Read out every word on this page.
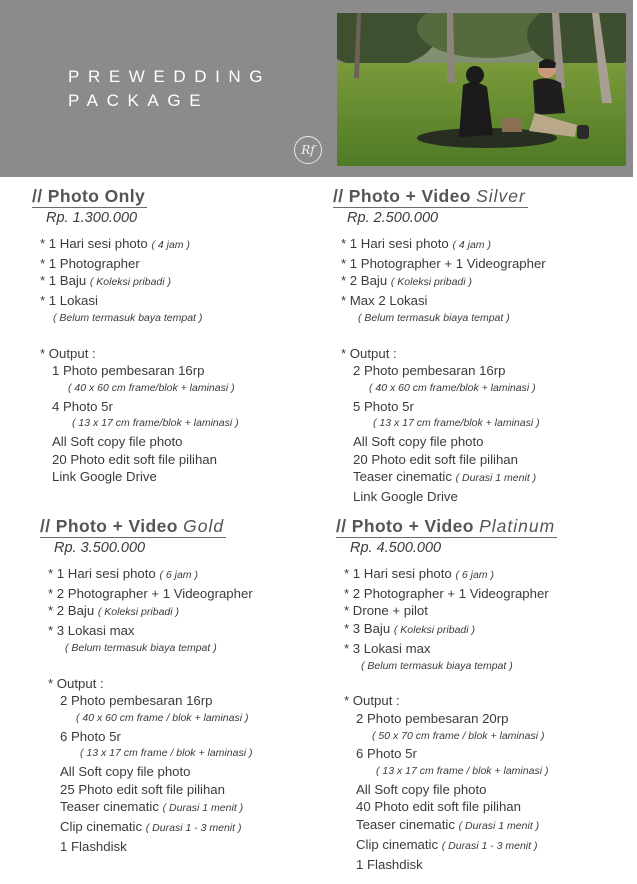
PREWEDDING
PACKAGE
Rf
// Photo Only
Rp. 1.300.000
* 1 Hari sesi photo ( 4 jam )
* 1 Photographer
* 1 Baju ( Koleksi pribadi )
* 1 Lokasi
( Belum termasuk baya tempat )
* Output :
1 Photo pembesaran 16rp
( 40 x 60 cm frame/blok + laminasi )
4 Photo 5r
( 13 x 17 cm frame/blok + laminasi )
All Soft copy file photo
20 Photo edit soft file pilihan
Link Google Drive
// Photo + Video Silver
Rp. 2.500.000
* 1 Hari sesi photo ( 4 jam )
* 1 Photographer + 1 Videographer
* 2 Baju ( Koleksi pribadi )
* Max 2 Lokasi
( Belum termasuk biaya tempat )
* Output :
2 Photo pembesaran 16rp
( 40 x 60 cm frame/blok + laminasi )
5 Photo 5r
( 13 x 17 cm frame/blok + laminasi )
All Soft copy file photo
20 Photo edit soft file pilihan
Teaser cinematic ( Durasi 1 menit )
Link Google Drive
// Photo + Video Gold
Rp. 3.500.000
* 1 Hari sesi photo ( 6 jam )
* 2 Photographer + 1 Videographer
* 2 Baju ( Koleksi pribadi )
* 3 Lokasi max
( Belum termasuk biaya tempat )
* Output :
2 Photo pembesaran 16rp
( 40 x 60 cm frame / blok + laminasi )
6 Photo 5r
( 13 x 17 cm frame / blok + laminasi )
All Soft copy file photo
25 Photo edit soft file pilihan
Teaser cinematic ( Durasi 1 menit )
Clip cinematic ( Durasi 1 - 3 menit )
1 Flashdisk
// Photo + Video Platinum
Rp. 4.500.000
* 1 Hari sesi photo ( 6 jam )
* 2 Photographer + 1 Videographer
* Drone + pilot
* 3 Baju ( Koleksi pribadi )
* 3 Lokasi max
( Belum termasuk biaya tempat )
* Output :
2 Photo pembesaran 20rp
( 50 x 70 cm frame / blok + laminasi )
6 Photo 5r
( 13 x 17 cm frame / blok + laminasi )
All Soft copy file photo
40 Photo edit soft file pilihan
Teaser cinematic ( Durasi 1 menit )
Clip cinematic ( Durasi 1 - 3 menit )
1 Flashdisk
